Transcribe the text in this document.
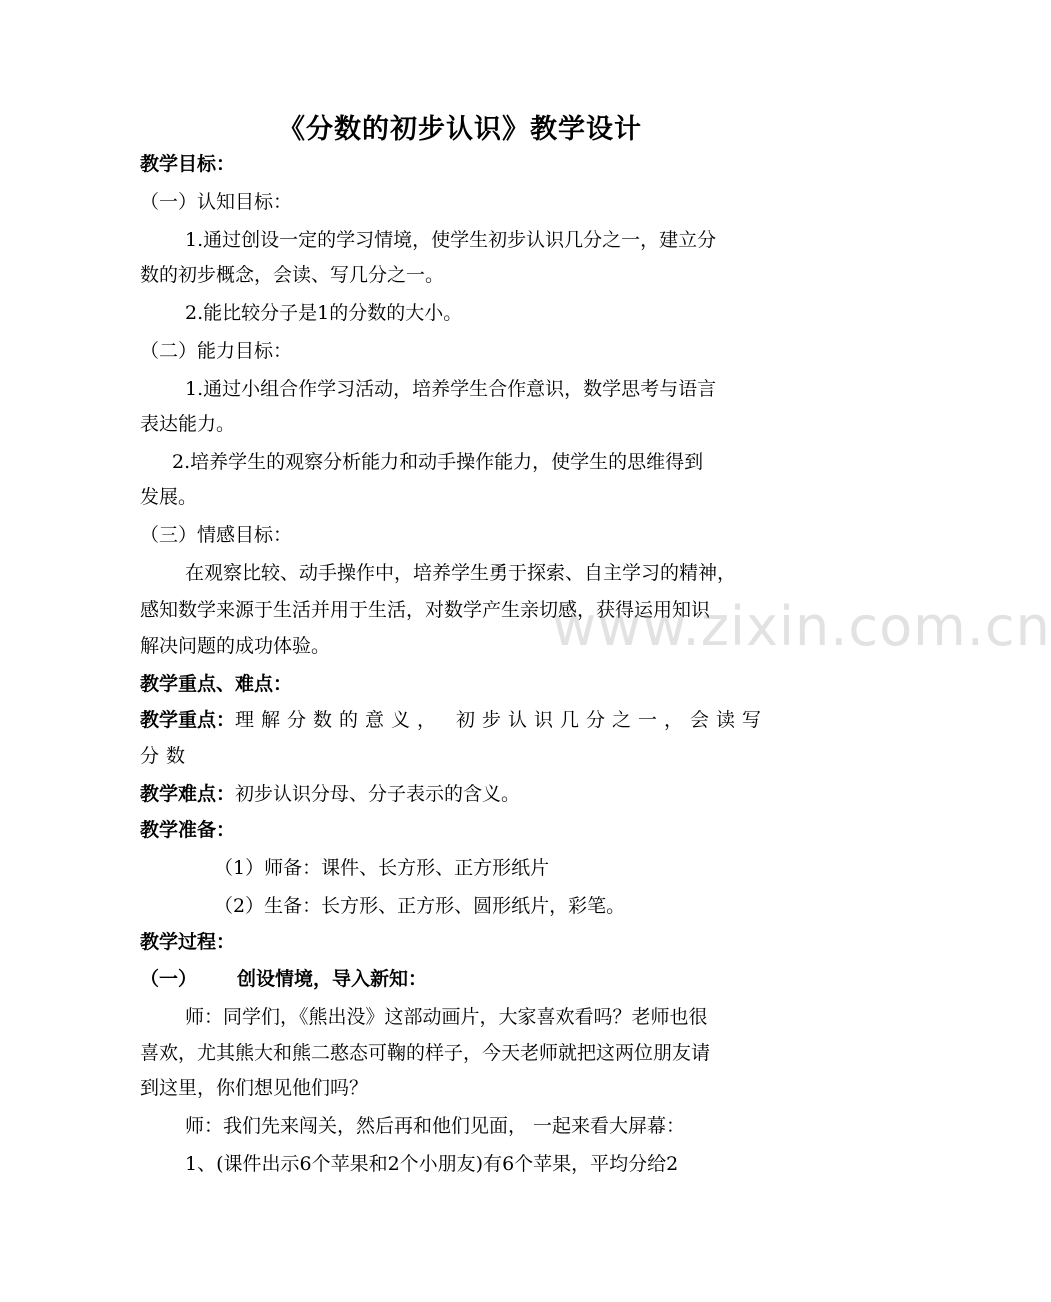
《分数的初步认识》教学设计
教学目标：
（一）认知目标：
1.通过创设一定的学习情境，使学生初步认识几分之一，建立分
数的初步概念，会读、写几分之一。
2.能比较分子是1的分数的大小。
（二）能力目标：
1.通过小组合作学习活动，培养学生合作意识，数学思考与语言
表达能力。
2.培养学生的观察分析能力和动手操作能力，使学生的思维得到
发展。
（三）情感目标：
在观察比较、动手操作中，培养学生勇于探索、自主学习的精神，
感知数学来源于生活并用于生活，对数学产生亲切感，获得运用知识
解决问题的成功体验。	www.zixin.com.cn
教学重点、难点：
教学重点：理解分数的意义， 初步认识几分之一，会读写
分数
教学难点：初步认识分母、分子表示的含义。
教学准备：
（1）师备：课件、长方形、正方形纸片
（2）生备：长方形、正方形、圆形纸片，彩笔。
教学过程：
（一） 创设情境，导入新知：
师：同学们，《熊出没》这部动画片，大家喜欢看吗？老师也很
喜欢，尤其熊大和熊二憨态可鞠的样子，今天老师就把这两位朋友请
到这里，你们想见他们吗？
师：我们先来闯关，然后再和他们见面， 一起来看大屏幕：
1、(课件出示6个苹果和2个小朋友)有6个苹果，平均分给2
